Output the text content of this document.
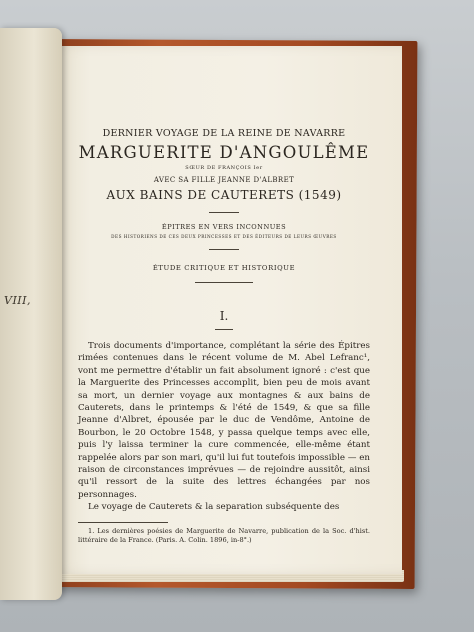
VIII,
DERNIER VOYAGE DE LA REINE DE NAVARRE
MARGUERITE D'ANGOULÊME
SŒUR DE FRANÇOIS Ier
AVEC SA FILLE JEANNE D'ALBRET
AUX BAINS DE CAUTERETS (1549)
ÉPITRES EN VERS INCONNUES
DES HISTORIENS DE CES DEUX PRINCESSES ET DES ÉDITEURS DE LEURS ŒUVRES
ÉTUDE CRITIQUE ET HISTORIQUE
I.

Trois documents d'importance, complétant la série des Épitres rimées contenues dans le récent volume de M. Abel Lefranc¹, vont me permettre d'établir un fait absolument ignoré : c'est que la Marguerite des Princesses accomplit, bien peu de mois avant sa mort, un dernier voyage aux montagnes & aux bains de Cauterets, dans le printemps & l'été de 1549, & que sa fille Jeanne d'Albret, épousée par le duc de Vendôme, Antoine de Bourbon, le 20 Octobre 1548, y passa quelque temps avec elle, puis l'y laissa terminer la cure commencée, elle-même étant rappelée alors par son mari, qu'il lui fut toutefois impossible — en raison de circonstances imprévues — de rejoindre aussitôt, ainsi qu'il ressort de la suite des lettres échangées par nos personnages.

Le voyage de Cauterets & la separation subséquente des

1. Les dernières poésies de Marguerite de Navarre, publication de la Soc. d'hist. littéraire de la France. (Paris. A. Colin. 1896, in-8°.)
